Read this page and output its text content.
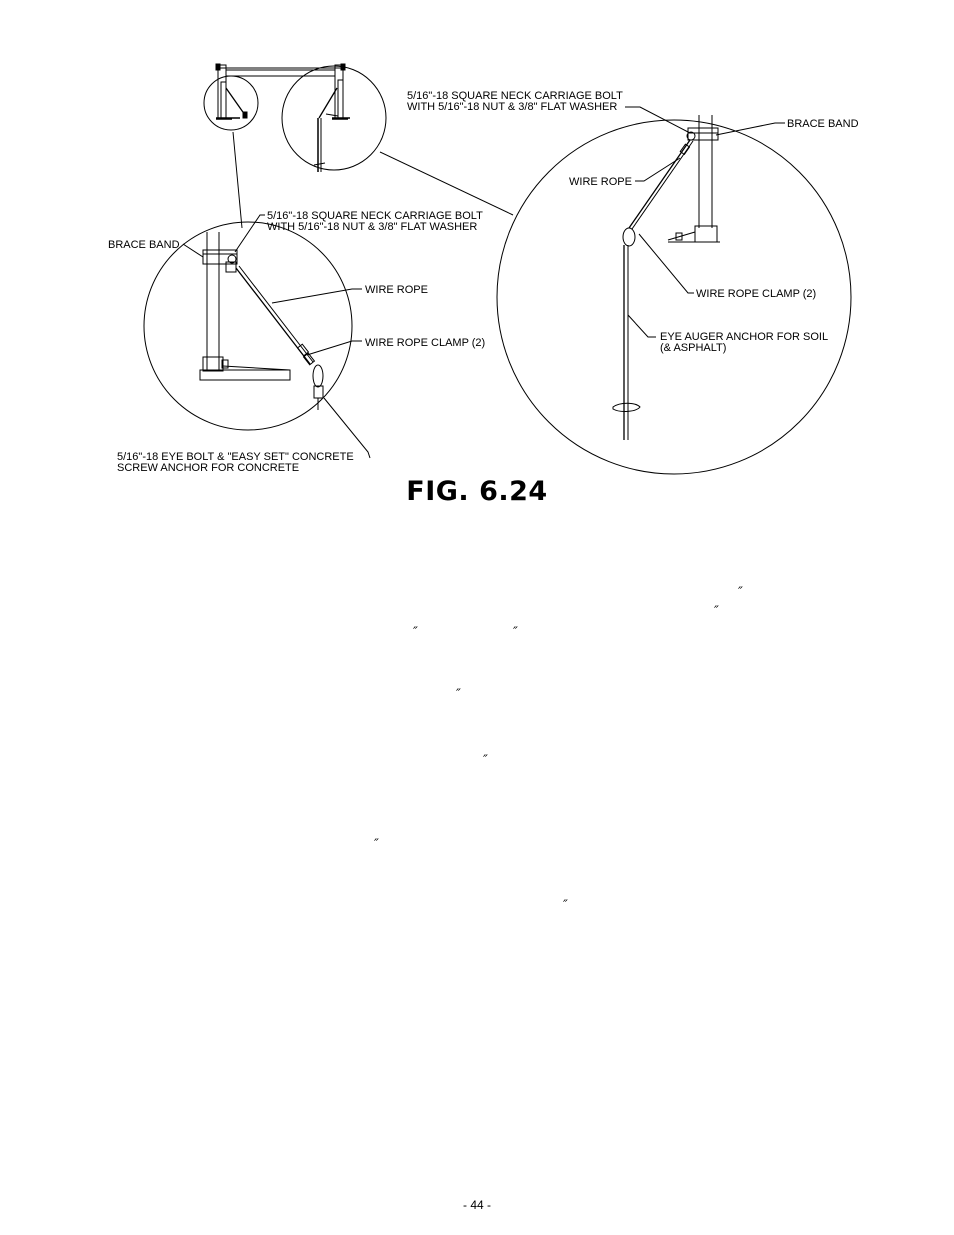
5/16"-18 SQUARE NECK CARRIAGE BOLT
WITH 5/16"-18 NUT & 3/8" FLAT WASHER
BRACE BAND
WIRE ROPE
WIRE ROPE CLAMP (2)
EYE AUGER ANCHOR FOR SOIL
(& ASPHALT)
5/16"-18 SQUARE NECK CARRIAGE BOLT
WITH 5/16"-18 NUT & 3/8" FLAT WASHER
BRACE BAND
WIRE ROPE
WIRE ROPE CLAMP (2)
5/16"-18 EYE BOLT & "EASY SET" CONCRETE
SCREW ANCHOR FOR CONCRETE
FIG. 6.24
″
″
″	″
″
″
″
″
- 44 -
